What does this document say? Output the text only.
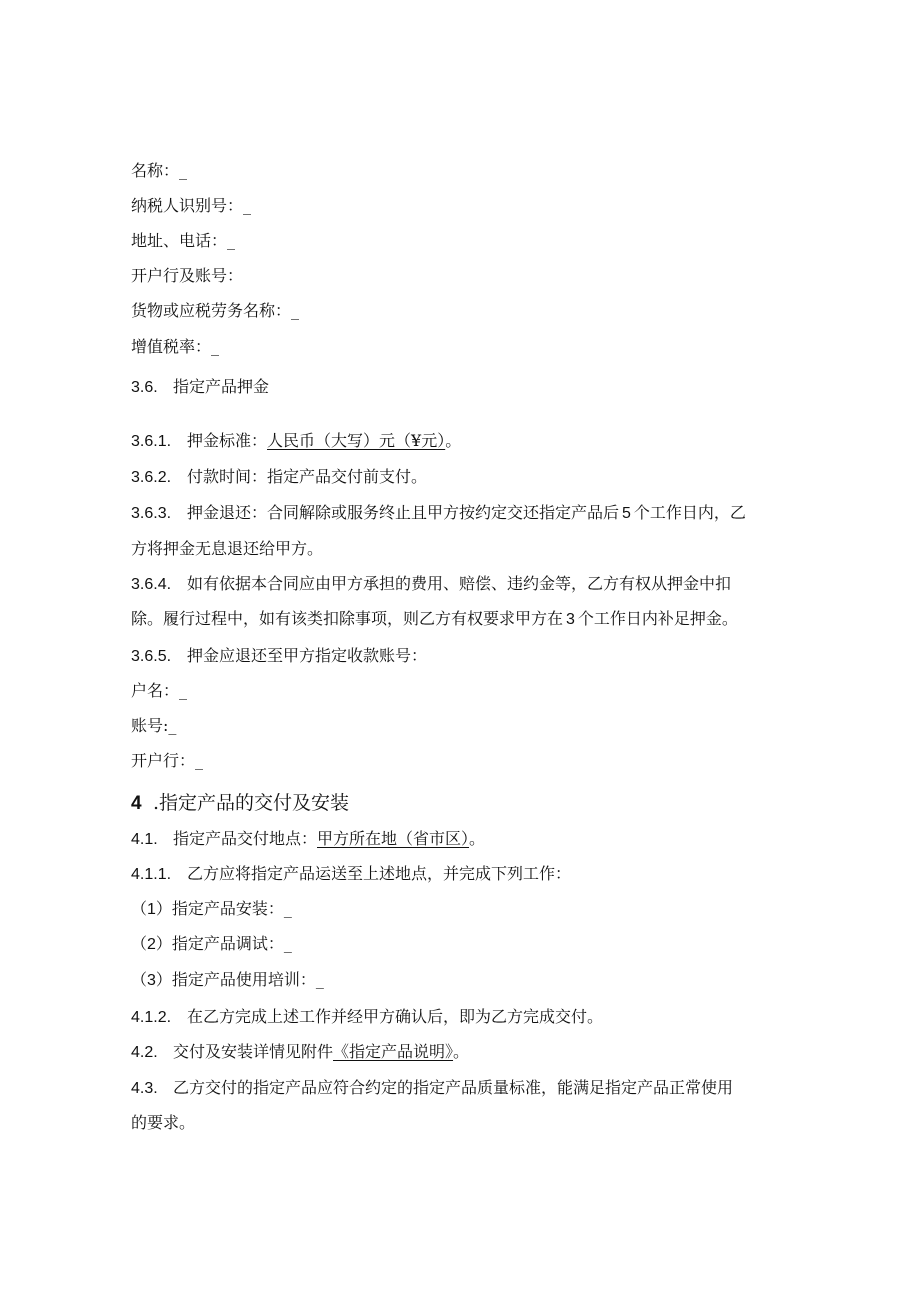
名称：_
纳税人识别号：_
地址、电话：_
开户行及账号：
货物或应税劳务名称：_
增值税率：_
3.6. 指定产品押金
3.6.1. 押金标准：人民币（大写）元（¥元）。
3.6.2. 付款时间：指定产品交付前支付。
3.6.3. 押金退还：合同解除或服务终止且甲方按约定交还指定产品后 5 个工作日内，乙
方将押金无息退还给甲方。
3.6.4. 如有依据本合同应由甲方承担的费用、赔偿、违约金等，乙方有权从押金中扣
除。履行过程中，如有该类扣除事项，则乙方有权要求甲方在 3 个工作日内补足押金。
3.6.5. 押金应退还至甲方指定收款账号：
户名：_
账号:_
开户行：_
4 .指定产品的交付及安装
4.1. 指定产品交付地点：甲方所在地（省市区）。
4.1.1. 乙方应将指定产品运送至上述地点，并完成下列工作：
（1）指定产品安装：_
（2）指定产品调试：_
（3）指定产品使用培训：_
4.1.2. 在乙方完成上述工作并经甲方确认后，即为乙方完成交付。
4.2. 交付及安装详情见附件《指定产品说明》。
4.3. 乙方交付的指定产品应符合约定的指定产品质量标准，能满足指定产品正常使用
的要求。
